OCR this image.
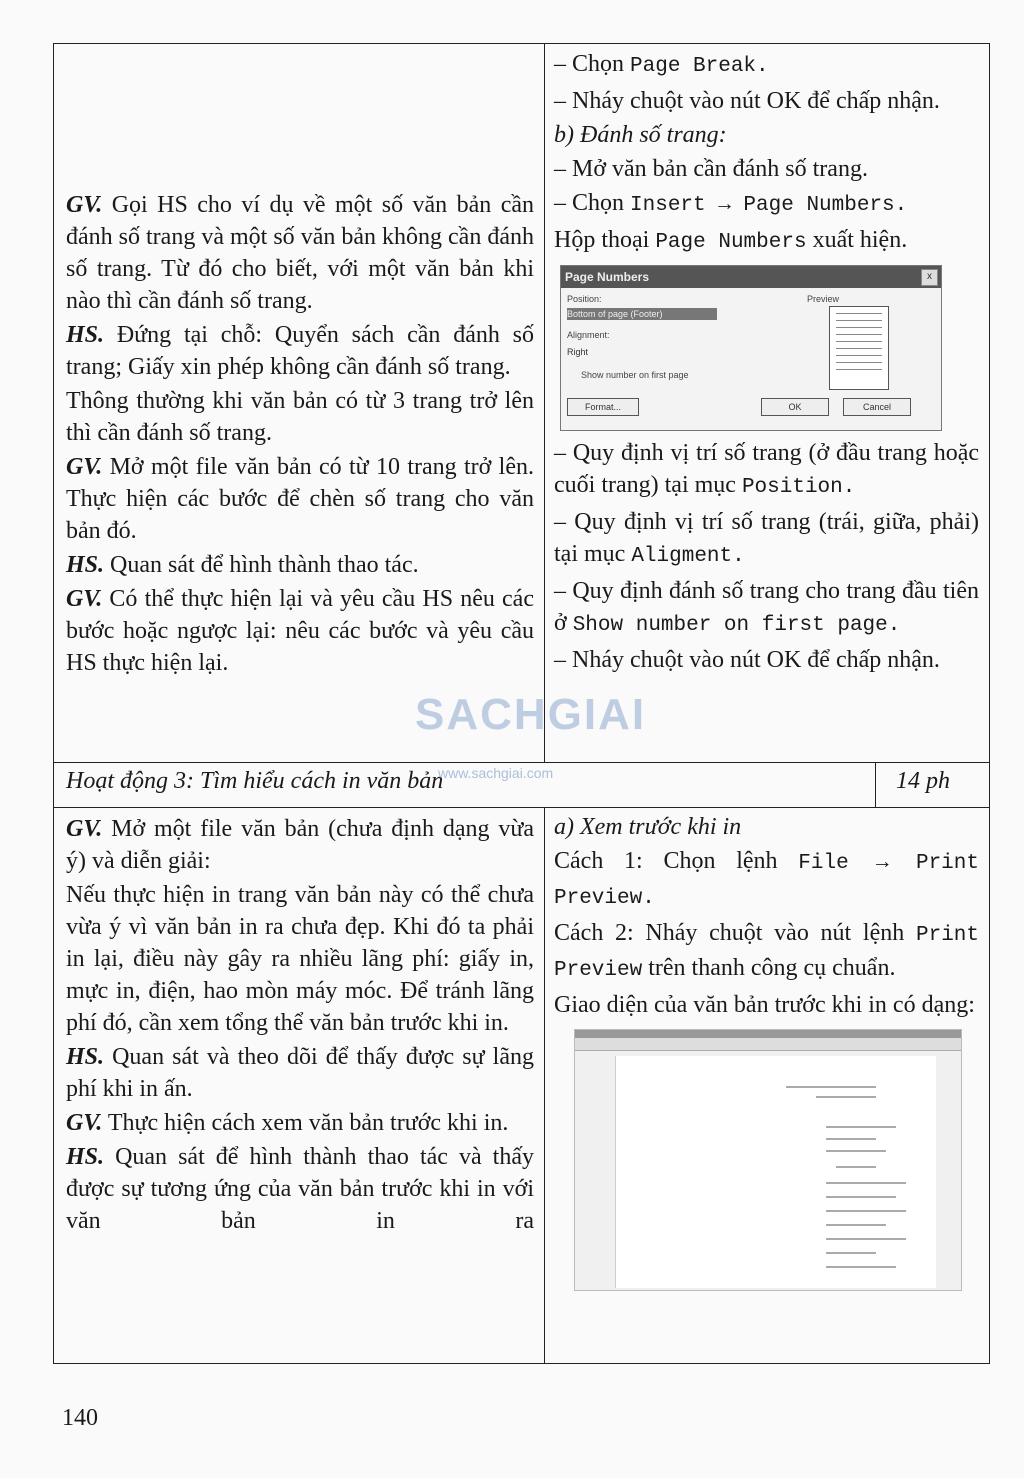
GV. Gọi HS cho ví dụ về một số văn bản cần đánh số trang và một số văn bản không cần đánh số trang. Từ đó cho biết, với một văn bản khi nào thì cần đánh số trang.

HS. Đứng tại chỗ: Quyển sách cần đánh số trang; Giấy xin phép không cần đánh số trang.

Thông thường khi văn bản có từ 3 trang trở lên thì cần đánh số trang.

GV. Mở một file văn bản có từ 10 trang trở lên. Thực hiện các bước để chèn số trang cho văn bản đó.

HS. Quan sát để hình thành thao tác.

GV. Có thể thực hiện lại và yêu cầu HS nêu các bước hoặc ngược lại: nêu các bước và yêu cầu HS thực hiện lại.

– Chọn Page Break.

– Nháy chuột vào nút OK để chấp nhận.

b) Đánh số trang:

– Mở văn bản cần đánh số trang.

– Chọn Insert → Page Numbers.

Hộp thoại Page Numbers xuất hiện.

Page Numbers	x
Position:
Bottom of page (Footer)
Alignment:
Right
Show number on first page
Preview
Format...	OK	Cancel

– Quy định vị trí số trang (ở đầu trang hoặc cuối trang) tại mục Position.

– Quy định vị trí số trang (trái, giữa, phải) tại mục Aligment.

– Quy định đánh số trang cho trang đầu tiên ở Show number on first page.

– Nháy chuột vào nút OK để chấp nhận.

Hoạt động 3: Tìm hiểu cách in văn bản	14 ph

GV. Mở một file văn bản (chưa định dạng vừa ý) và diễn giải:

Nếu thực hiện in trang văn bản này có thể chưa vừa ý vì văn bản in ra chưa đẹp. Khi đó ta phải in lại, điều này gây ra nhiều lãng phí: giấy in, mực in, điện, hao mòn máy móc. Để tránh lãng phí đó, cần xem tổng thể văn bản trước khi in.

HS. Quan sát và theo dõi để thấy được sự lãng phí khi in ấn.

GV. Thực hiện cách xem văn bản trước khi in.

HS. Quan sát để hình thành thao tác và thấy được sự tương ứng của văn bản trước khi in với văn bản in ra

a) Xem trước khi in

Cách 1: Chọn lệnh File → Print Preview.

Cách 2: Nháy chuột vào nút lệnh Print Preview trên thanh công cụ chuẩn.

Giao diện của văn bản trước khi in có dạng:

SACHGIAI
www.sachgiai.com
140
